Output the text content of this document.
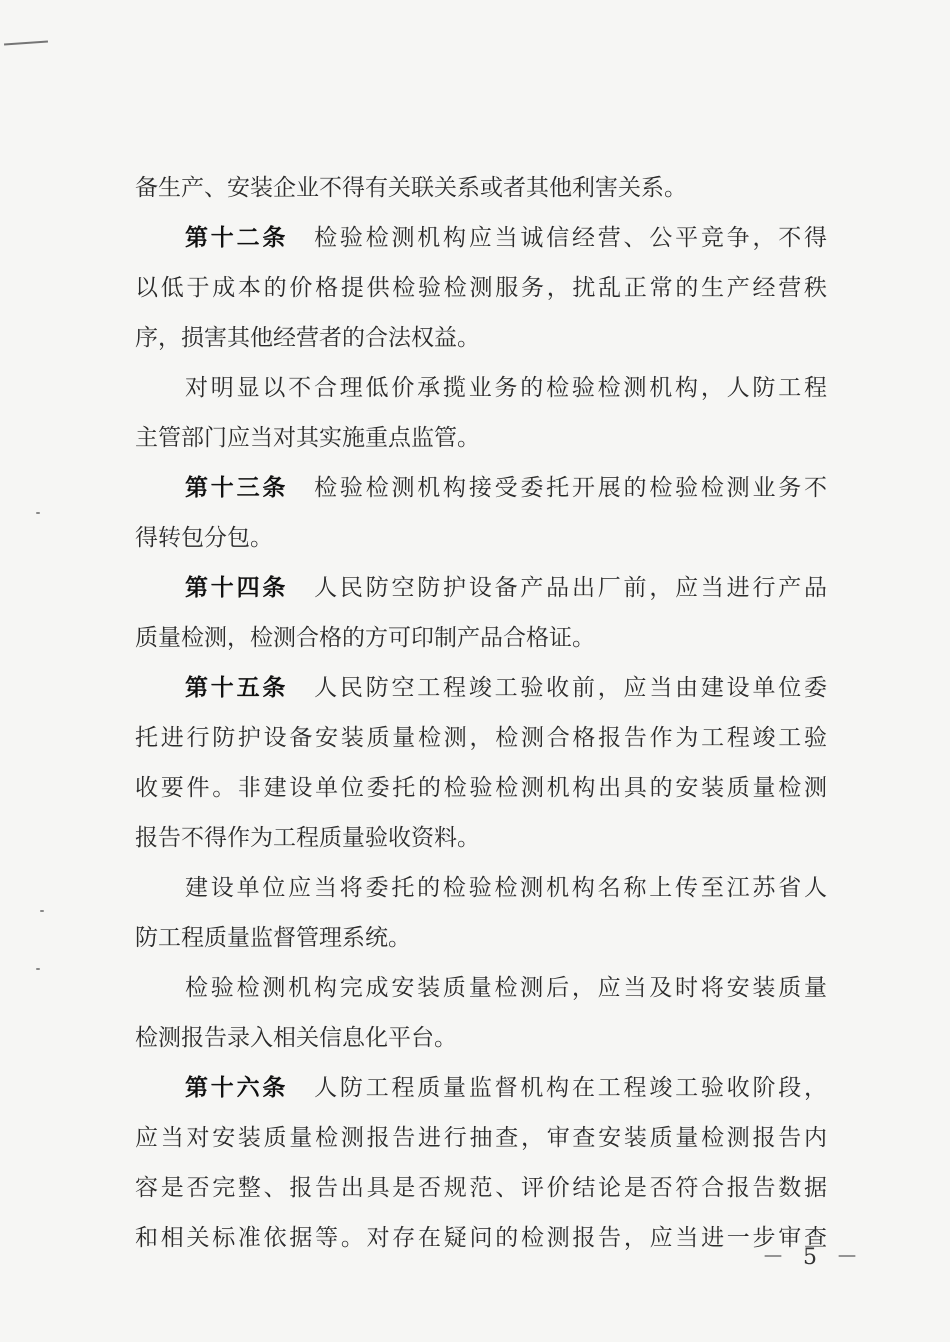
备生产、安装企业不得有关联关系或者其他利害关系。
第十二条 检验检测机构应当诚信经营、公平竞争，不得
以低于成本的价格提供检验检测服务，扰乱正常的生产经营秩
序，损害其他经营者的合法权益。
对明显以不合理低价承揽业务的检验检测机构，人防工程
主管部门应当对其实施重点监管。
第十三条 检验检测机构接受委托开展的检验检测业务不
得转包分包。
第十四条 人民防空防护设备产品出厂前，应当进行产品
质量检测，检测合格的方可印制产品合格证。
第十五条 人民防空工程竣工验收前，应当由建设单位委
托进行防护设备安装质量检测，检测合格报告作为工程竣工验
收要件。非建设单位委托的检验检测机构出具的安装质量检测
报告不得作为工程质量验收资料。
建设单位应当将委托的检验检测机构名称上传至江苏省人
防工程质量监督管理系统。
检验检测机构完成安装质量检测后，应当及时将安装质量
检测报告录入相关信息化平台。
第十六条 人防工程质量监督机构在工程竣工验收阶段，
应当对安装质量检测报告进行抽查，审查安装质量检测报告内
容是否完整、报告出具是否规范、评价结论是否符合报告数据
和相关标准依据等。对存在疑问的检测报告，应当进一步审查
－ 5 －
